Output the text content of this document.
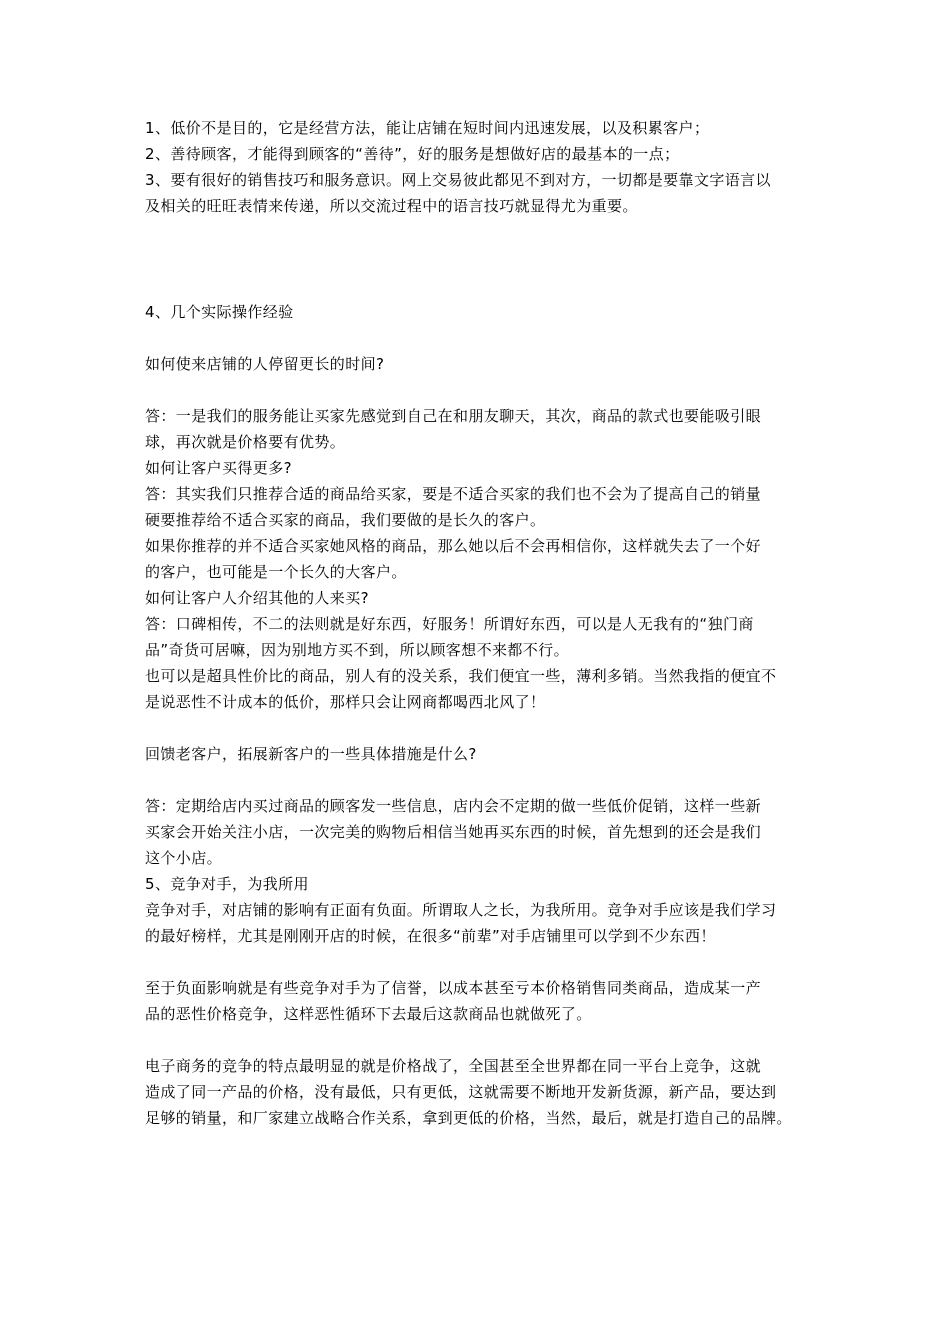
1、低价不是目的，它是经营方法，能让店铺在短时间内迅速发展，以及积累客户；
2、善待顾客，才能得到顾客的“善待”，好的服务是想做好店的最基本的一点；
3、要有很好的销售技巧和服务意识。网上交易彼此都见不到对方，一切都是要靠文字语言以
及相关的旺旺表情来传递，所以交流过程中的语言技巧就显得尤为重要。
4、几个实际操作经验
如何使来店铺的人停留更长的时间?
答：一是我们的服务能让买家先感觉到自己在和朋友聊天，其次，商品的款式也要能吸引眼
球，再次就是价格要有优势。
如何让客户买得更多?
答：其实我们只推荐合适的商品给买家，要是不适合买家的我们也不会为了提高自己的销量
硬要推荐给不适合买家的商品，我们要做的是长久的客户。
如果你推荐的并不适合买家她风格的商品，那么她以后不会再相信你，这样就失去了一个好
的客户，也可能是一个长久的大客户。
如何让客户人介绍其他的人来买?
答：口碑相传，不二的法则就是好东西，好服务！所谓好东西，可以是人无我有的“独门商
品”奇货可居嘛，因为别地方买不到，所以顾客想不来都不行。
也可以是超具性价比的商品，别人有的没关系，我们便宜一些，薄利多销。当然我指的便宜不
是说恶性不计成本的低价，那样只会让网商都喝西北风了！
回馈老客户，拓展新客户的一些具体措施是什么?
答：定期给店内买过商品的顾客发一些信息，店内会不定期的做一些低价促销，这样一些新
买家会开始关注小店，一次完美的购物后相信当她再买东西的时候，首先想到的还会是我们
这个小店。
5、竞争对手，为我所用
竞争对手，对店铺的影响有正面有负面。所谓取人之长，为我所用。竞争对手应该是我们学习
的最好榜样，尤其是刚刚开店的时候，在很多“前辈”对手店铺里可以学到不少东西！
至于负面影响就是有些竞争对手为了信誉，以成本甚至亏本价格销售同类商品，造成某一产
品的恶性价格竞争，这样恶性循环下去最后这款商品也就做死了。
电子商务的竞争的特点最明显的就是价格战了，全国甚至全世界都在同一平台上竞争，这就
造成了同一产品的价格，没有最低，只有更低，这就需要不断地开发新货源，新产品，要达到
足够的销量，和厂家建立战略合作关系，拿到更低的价格，当然，最后，就是打造自己的品牌。
